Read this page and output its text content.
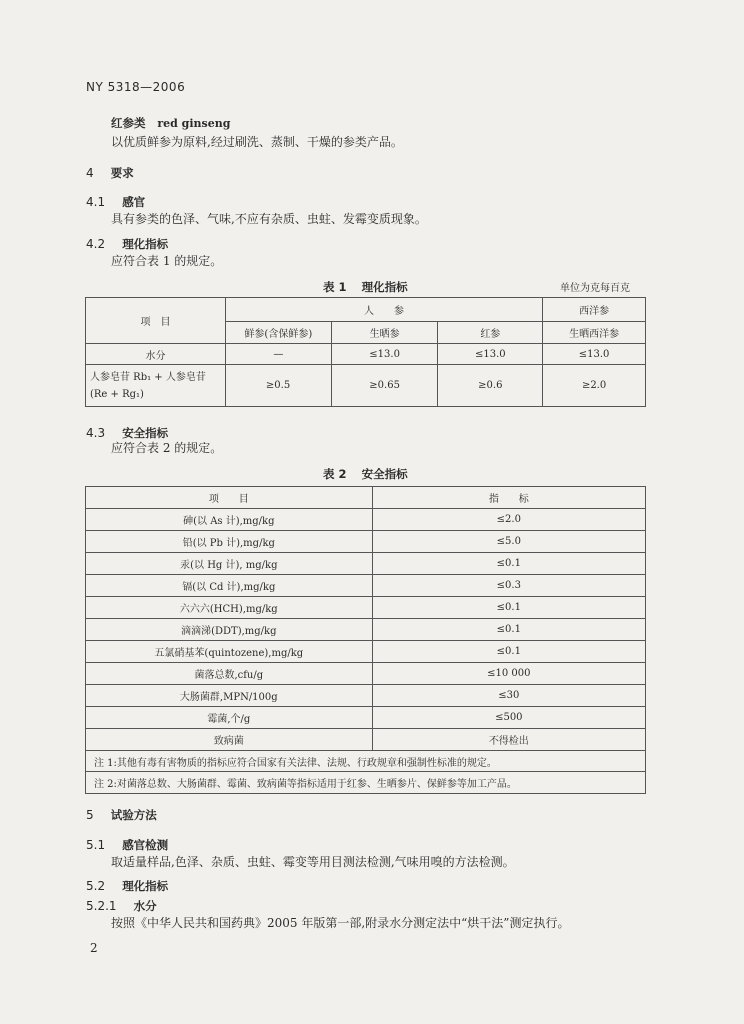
NY 5318—2006
红参类 red ginseng
以优质鲜参为原料,经过刷洗、蒸制、干燥的参类产品。
4 要求
4.1 感官
具有参类的色泽、气味,不应有杂质、虫蛀、发霉变质现象。
4.2 理化指标
应符合表 1 的规定。
表 1 理化指标	单位为克每百克
项　目	人　　参			西洋参
	鲜参(含保鲜参)	生晒参	红参	生晒西洋参
水分	—	≤13.0	≤13.0	≤13.0

人参皂苷 Rb₁ + 人参皂苷
(Re + Rg₁)	≥0.5	≥0.65	≥0.6	≥2.0
4.3 安全指标
应符合表 2 的规定。
表 2 安全指标
项　　目	指　　标
砷(以 As 计),mg/kg	≤2.0
铅(以 Pb 计),mg/kg	≤5.0
汞(以 Hg 计), mg/kg	≤0.1
镉(以 Cd 计),mg/kg	≤0.3
六六六(HCH),mg/kg	≤0.1
滴滴涕(DDT),mg/kg	≤0.1
五氯硝基苯(quintozene),mg/kg	≤0.1
菌落总数,cfu/g	≤10 000
大肠菌群,MPN/100g	≤30
霉菌,个/g	≤500
致病菌	不得检出
注 1:其他有毒有害物质的指标应符合国家有关法律、法规、行政规章和强制性标准的规定。	
注 2:对菌落总数、大肠菌群、霉菌、致病菌等指标适用于红参、生晒参片、保鲜参等加工产品。	
5 试验方法
5.1 感官检测
取适量样品,色泽、杂质、虫蛀、霉变等用目测法检测,气味用嗅的方法检测。
5.2 理化指标
5.2.1 水分
按照《中华人民共和国药典》2005 年版第一部,附录水分测定法中“烘干法”测定执行。
2
